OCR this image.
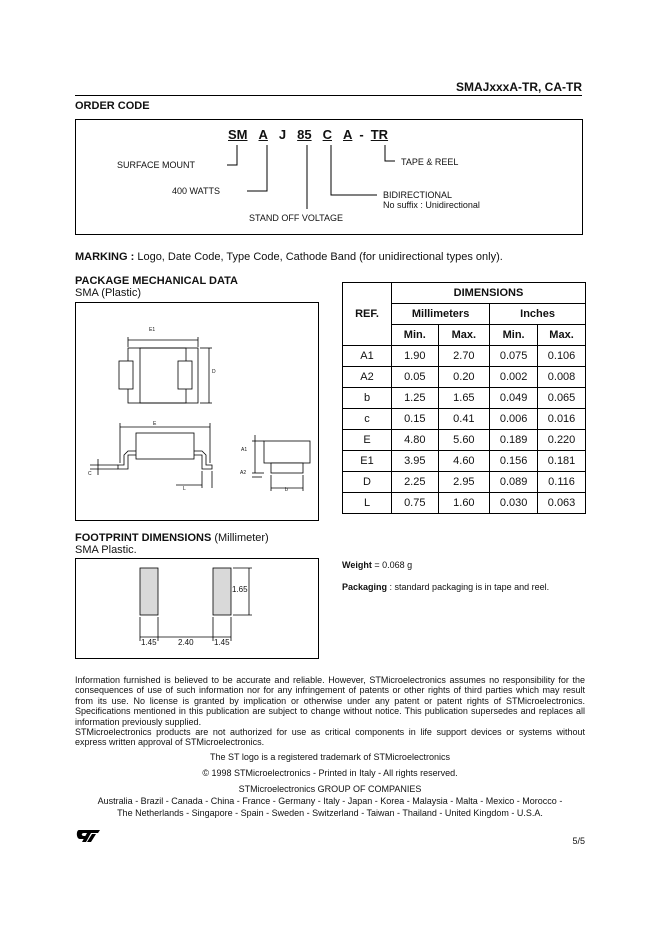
SMAJxxxA-TR, CA-TR
ORDER CODE
SM A J 85 C A - TR
SURFACE MOUNT
400 WATTS
STAND OFF VOLTAGE
BIDIRECTIONAL
No suffix : Unidirectional
TAPE & REEL
MARKING : Logo, Date Code, Type Code, Cathode Band (for unidirectional types only).
PACKAGE MECHANICAL DATA
SMA (Plastic)
E1
D
E
A1
A2
C
L	b
REF.	DIMENSIONS			
	Millimeters		Inches	
	Min.	Max.	Min.	Max.
A1	1.90	2.70	0.075	0.106
A2	0.05	0.20	0.002	0.008
b	1.25	1.65	0.049	0.065
c	0.15	0.41	0.006	0.016
E	4.80	5.60	0.189	0.220
E1	3.95	4.60	0.156	0.181
D	2.25	2.95	0.089	0.116
L	0.75	1.60	0.030	0.063
FOOTPRINT DIMENSIONS (Millimeter)
SMA Plastic.
1.65
1.45	2.40	1.45
Weight = 0.068 g
Packaging : standard packaging is in tape and reel.
Information furnished is believed to be accurate and reliable. However, STMicroelectronics assumes no responsibility for the consequences of use of such information nor for any infringement of patents or other rights of third parties which may result from its use. No license is granted by implication or otherwise under any patent or patent rights of STMicroelectronics. Specifications mentioned in this publication are subject to change without notice. This publication supersedes and replaces all information previously supplied.
STMicroelectronics products are not authorized for use as critical components in life support devices or systems without express written approval of STMicroelectronics.
The ST logo is a registered trademark of STMicroelectronics
© 1998 STMicroelectronics - Printed in Italy - All rights reserved.
STMicroelectronics GROUP OF COMPANIES
Australia - Brazil - Canada - China - France - Germany - Italy - Japan - Korea - Malaysia - Malta - Mexico - Morocco -
The Netherlands - Singapore - Spain - Sweden - Switzerland - Taiwan - Thailand - United Kingdom - U.S.A.
5/5
